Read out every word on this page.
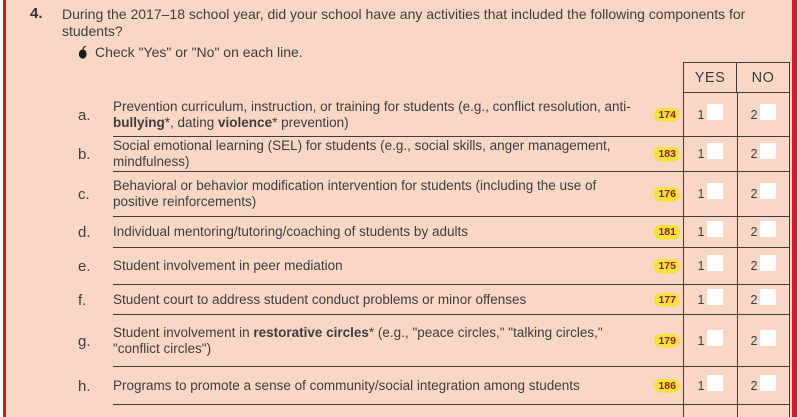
4. During the 2017–18 school year, did your school have any activities that included the following components for students?
Check "Yes" or "No" on each line.
YES	NO
a.
Prevention curriculum, instruction, or training for students (e.g., conflict resolution, anti-bullying*, dating violence* prevention)
174	1	2
b.
Social emotional learning (SEL) for students (e.g., social skills, anger management, mindfulness)
183	1	2
c.
Behavioral or behavior modification intervention for students (including the use of positive reinforcements)
176	1	2
d.	Individual mentoring/tutoring/coaching of students by adults	181	1	2
e.	Student involvement in peer mediation	175	1	2
f.	Student court to address student conduct problems or minor offenses	177	1	2
g.
Student involvement in restorative circles* (e.g., "peace circles," "talking circles," "conflict circles")
179	1	2
h.	Programs to promote a sense of community/social integration among students	186	1	2
